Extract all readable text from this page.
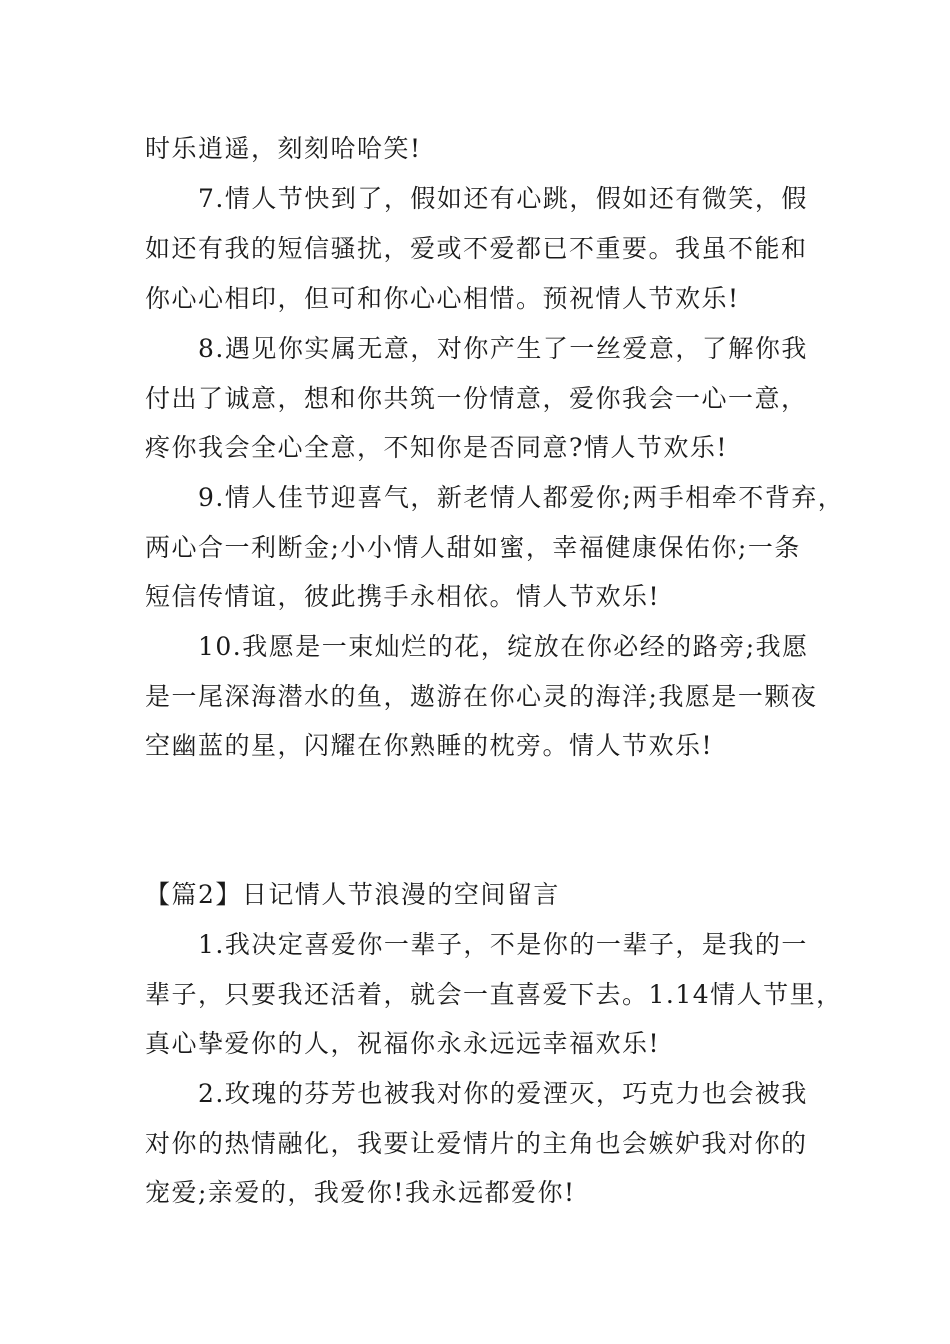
时乐逍遥，刻刻哈哈笑!
7.情人节快到了，假如还有心跳，假如还有微笑，假
如还有我的短信骚扰，爱或不爱都已不重要。我虽不能和
你心心相印，但可和你心心相惜。预祝情人节欢乐!
8.遇见你实属无意，对你产生了一丝爱意，了解你我
付出了诚意，想和你共筑一份情意，爱你我会一心一意，
疼你我会全心全意，不知你是否同意?情人节欢乐!
9.情人佳节迎喜气，新老情人都爱你;两手相牵不背弃，
两心合一利断金;小小情人甜如蜜，幸福健康保佑你;一条
短信传情谊，彼此携手永相依。情人节欢乐!
10.我愿是一束灿烂的花，绽放在你必经的路旁;我愿
是一尾深海潜水的鱼，遨游在你心灵的海洋;我愿是一颗夜
空幽蓝的星，闪耀在你熟睡的枕旁。情人节欢乐!
【篇2】日记情人节浪漫的空间留言
1.我决定喜爱你一辈子，不是你的一辈子，是我的一
辈子，只要我还活着，就会一直喜爱下去。1.14情人节里，
真心挚爱你的人，祝福你永永远远幸福欢乐!
2.玫瑰的芬芳也被我对你的爱湮灭，巧克力也会被我
对你的热情融化，我要让爱情片的主角也会嫉妒我对你的
宠爱;亲爱的，我爱你!我永远都爱你!
